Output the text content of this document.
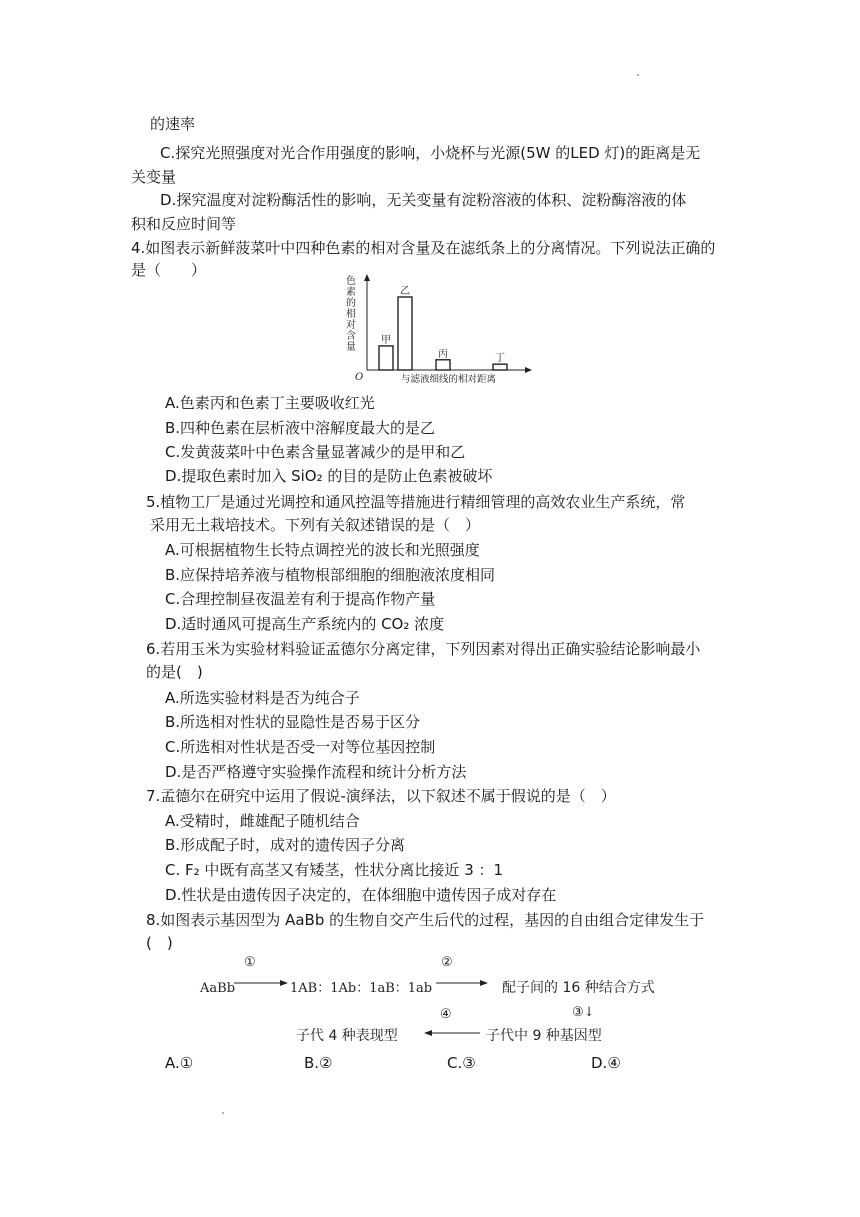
的速率
C.探究光照强度对光合作用强度的影响，小烧杯与光源(5W 的LED 灯)的距离是无
关变量
D.探究温度对淀粉酶活性的影响，无关变量有淀粉溶液的体积、淀粉酶溶液的体
积和反应时间等
4.如图表示新鲜菠菜叶中四种色素的相对含量及在滤纸条上的分离情况。下列说法正确的
是（　　）
色素的相对含量
O	与滤液细线的相对距离
甲
乙
丙	丁
A.色素丙和色素丁主要吸收红光
B.四种色素在层析液中溶解度最大的是乙
C.发黄菠菜叶中色素含量显著减少的是甲和乙
D.提取色素时加入 SiO₂ 的目的是防止色素被破坏
5.植物工厂是通过光调控和通风控温等措施进行精细管理的高效农业生产系统，常
采用无土栽培技术。下列有关叙述错误的是（　）
A.可根据植物生长特点调控光的波长和光照强度
B.应保持培养液与植物根部细胞的细胞液浓度相同
C.合理控制昼夜温差有利于提高作物产量
D.适时通风可提高生产系统内的 CO₂ 浓度
6.若用玉米为实验材料验证孟德尔分离定律，下列因素对得出正确实验结论影响最小
的是(　)
A.所选实验材料是否为纯合子
B.所选相对性状的显隐性是否易于区分
C.所选相对性状是否受一对等位基因控制
D.是否严格遵守实验操作流程和统计分析方法
7.孟德尔在研究中运用了假说-演绎法，以下叙述不属于假说的是（　）
A.受精时，雌雄配子随机结合
B.形成配子时，成对的遗传因子分离
C. F₂ 中既有高茎又有矮茎，性状分离比接近 3 ：1
D.性状是由遗传因子决定的，在体细胞中遗传因子成对存在
8.如图表示基因型为 AaBb 的生物自交产生后代的过程，基因的自由组合定律发生于
(　)
①
AaBb	1AB：1Ab：1aB：1ab
②
配子间的 16 种结合方式
③↓
④
子代 4 种表现型	子代中 9 种基因型
A.①	B.②	C.③	D.④
